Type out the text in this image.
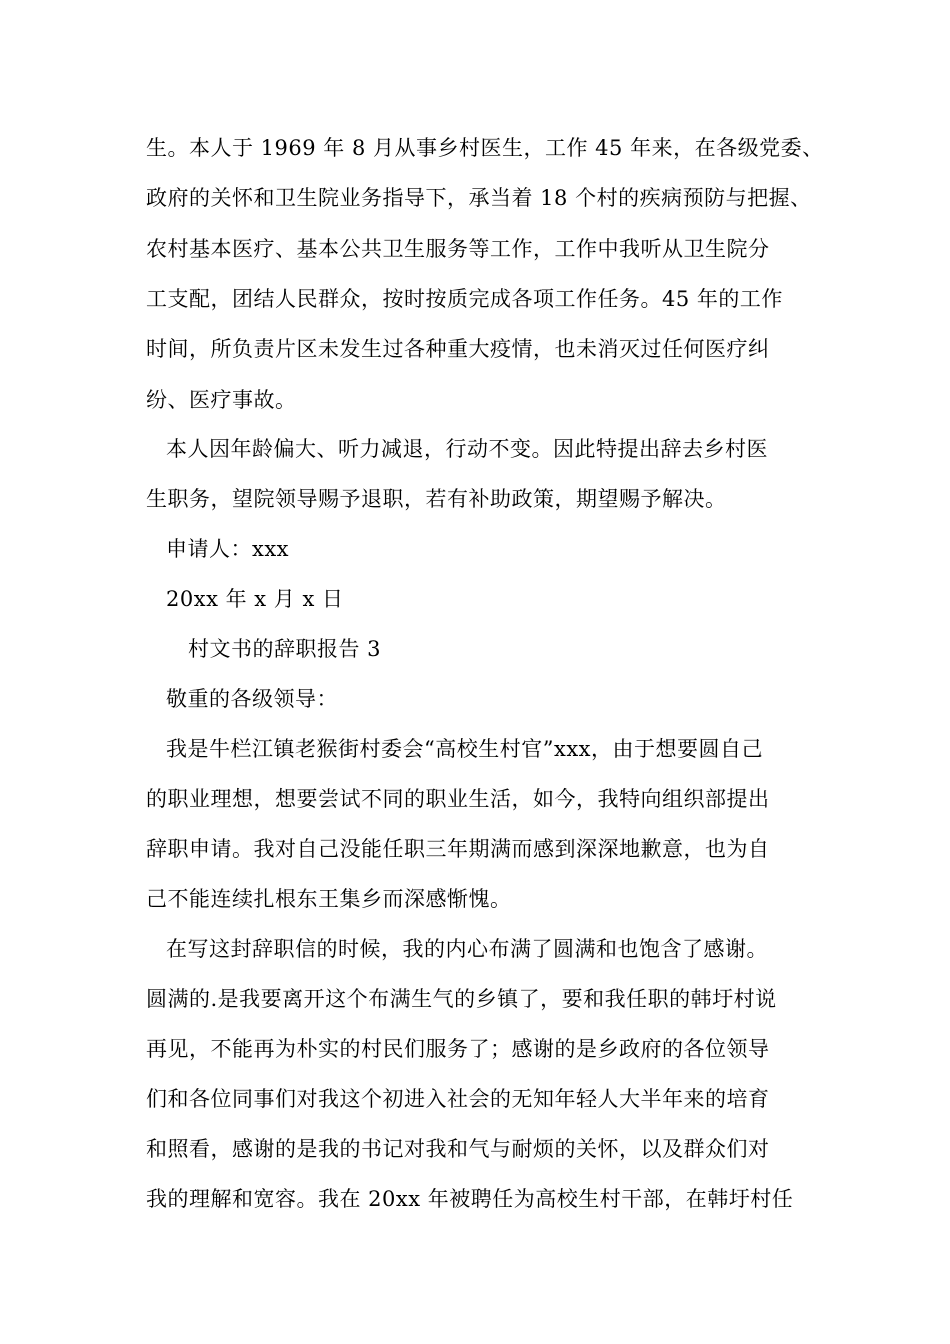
生。本人于 1969 年 8 月从事乡村医生，工作 45 年来，在各级党委、
政府的关怀和卫生院业务指导下，承当着 18 个村的疾病预防与把握、
农村基本医疗、基本公共卫生服务等工作，工作中我听从卫生院分
工支配，团结人民群众，按时按质完成各项工作任务。45 年的工作
时间，所负责片区未发生过各种重大疫情，也未消灭过任何医疗纠
纷、医疗事故。
本人因年龄偏大、听力减退，行动不变。因此特提出辞去乡村医
生职务，望院领导赐予退职，若有补助政策，期望赐予解决。
申请人：xxx
20xx 年 x 月 x 日
村文书的辞职报告 3
敬重的各级领导：
我是牛栏江镇老猴街村委会“高校生村官”xxx，由于想要圆自己
的职业理想，想要尝试不同的职业生活，如今，我特向组织部提出
辞职申请。我对自己没能任职三年期满而感到深深地歉意，也为自
己不能连续扎根东王集乡而深感惭愧。
在写这封辞职信的时候，我的内心布满了圆满和也饱含了感谢。
圆满的.是我要离开这个布满生气的乡镇了，要和我任职的韩圩村说
再见，不能再为朴实的村民们服务了；感谢的是乡政府的各位领导
们和各位同事们对我这个初进入社会的无知年轻人大半年来的培育
和照看，感谢的是我的书记对我和气与耐烦的关怀，以及群众们对
我的理解和宽容。我在 20xx 年被聘任为高校生村干部，在韩圩村任
